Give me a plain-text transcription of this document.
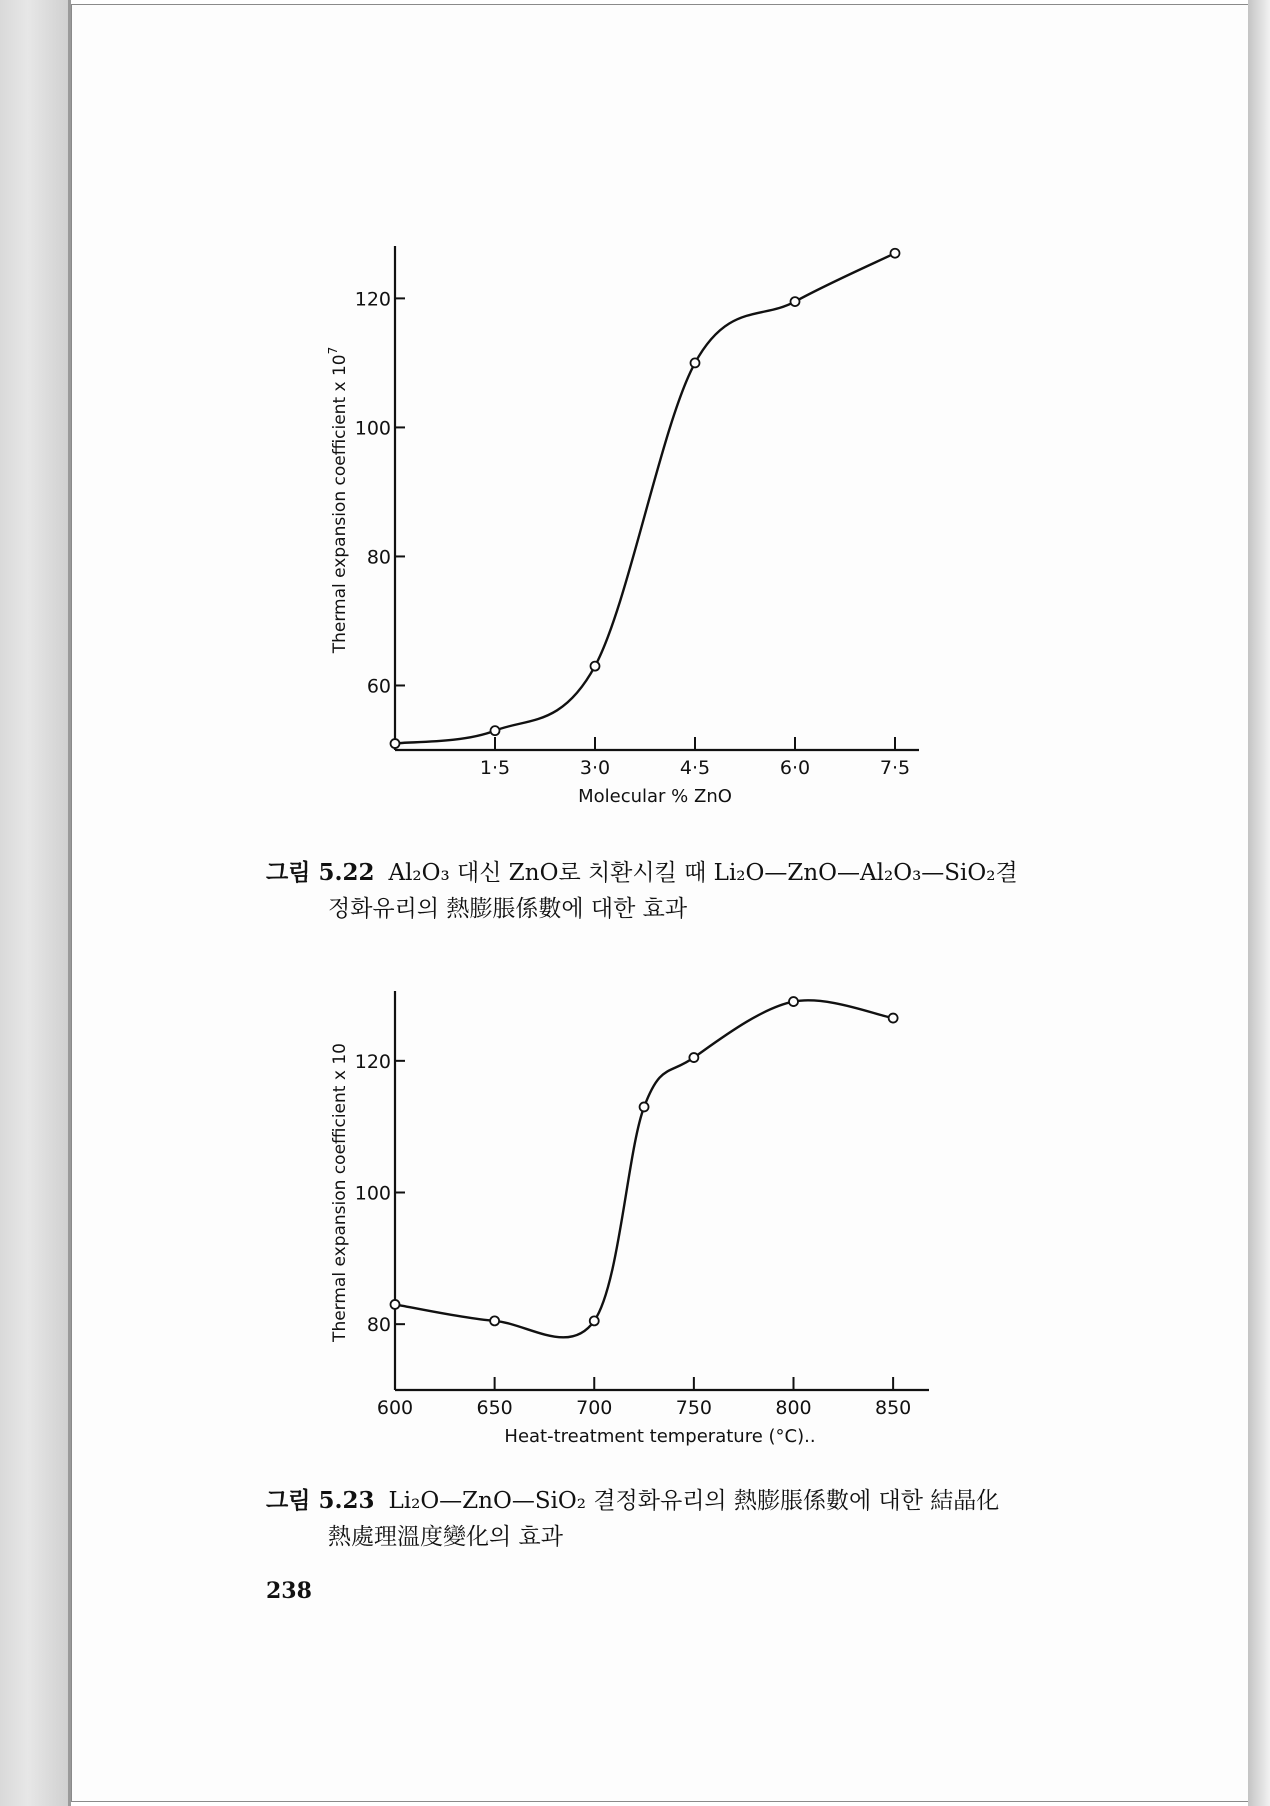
60
80
100
120
1·5	3·0	4·5	6·0	7·5
Molecular % ZnO
Thermal expansion coefficient x $10^7$
그림 5.22 Al₂O₃ 대신 ZnO로 치환시킬 때 Li₂O—ZnO—Al₂O₃—SiO₂결
정화유리의 熱膨脹係數에 대한 효과
80
100
120
600	650	700	750	800	850
Heat-treatment temperature (°C)..
Thermal expansion coefficient x 10
그림 5.23 Li₂O—ZnO—SiO₂ 결정화유리의 熱膨脹係數에 대한 結晶化
熱處理溫度變化의 효과
238
